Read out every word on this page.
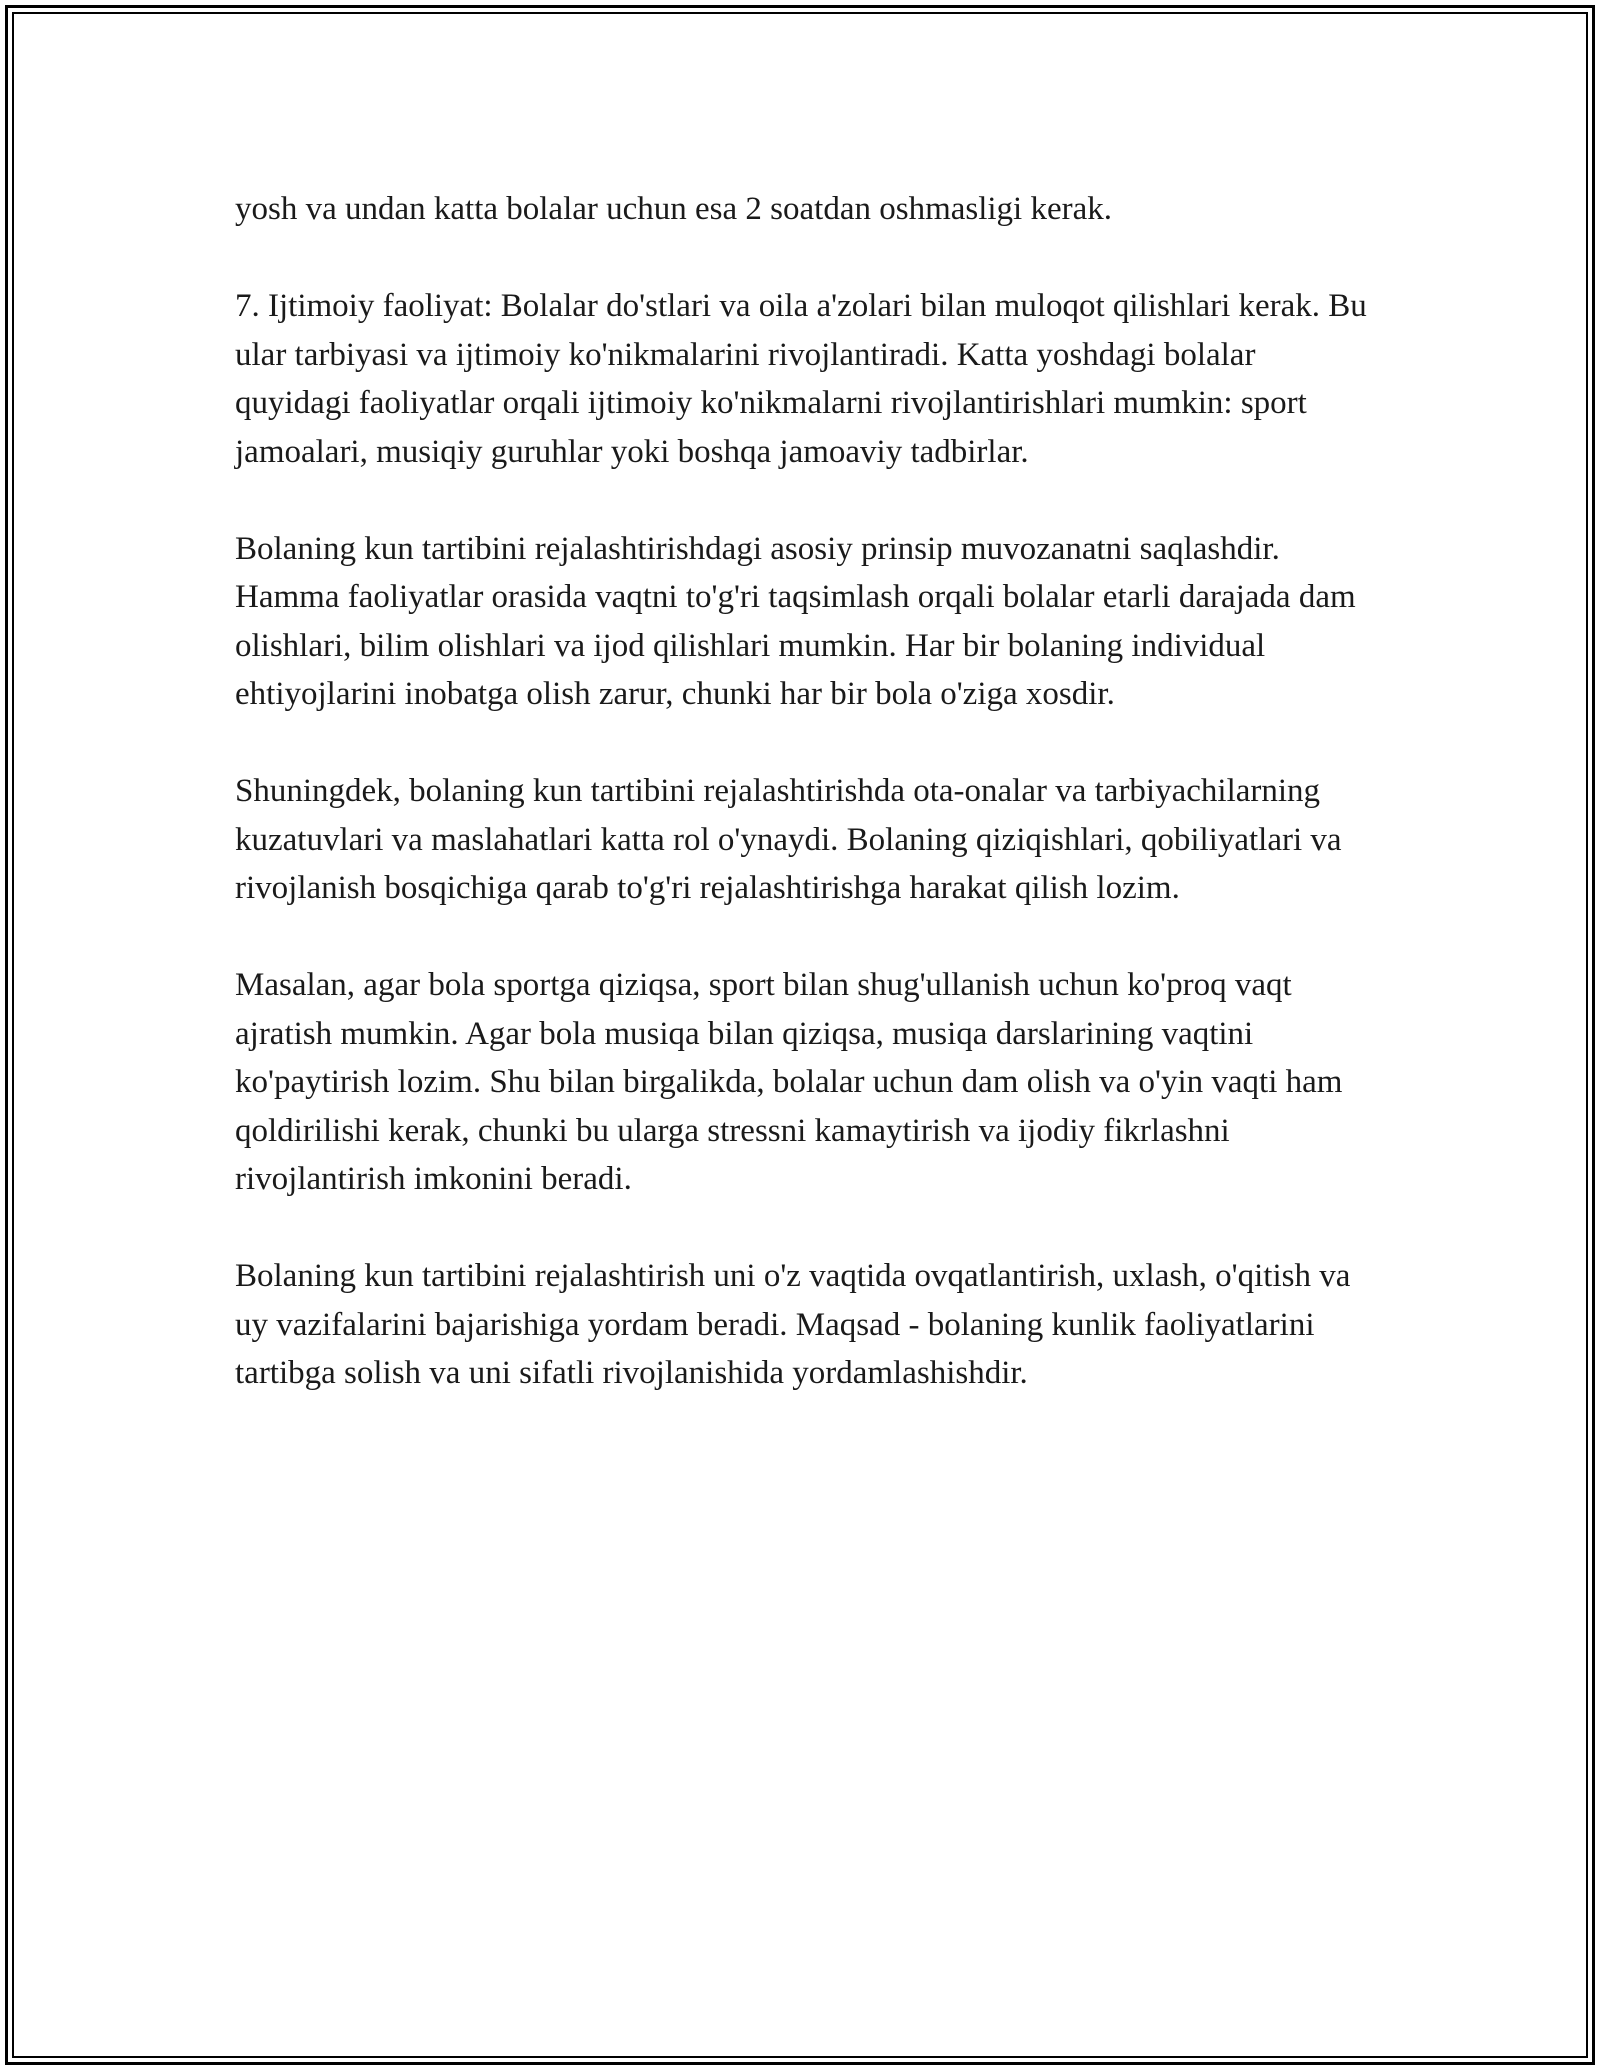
yosh va undan katta bolalar uchun esa 2 soatdan oshmasligi kerak.

7. Ijtimoiy faoliyat: Bolalar do'stlari va oila a'zolari bilan muloqot qilishlari kerak. Bu ular tarbiyasi va ijtimoiy ko'nikmalarini rivojlantiradi. Katta yoshdagi bolalar quyidagi faoliyatlar orqali ijtimoiy ko'nikmalarni rivojlantirishlari mumkin: sport jamoalari, musiqiy guruhlar yoki boshqa jamoaviy tadbirlar.

Bolaning kun tartibini rejalashtirishdagi asosiy prinsip muvozanatni saqlashdir. Hamma faoliyatlar orasida vaqtni to'g'ri taqsimlash orqali bolalar etarli darajada dam olishlari, bilim olishlari va ijod qilishlari mumkin. Har bir bolaning individual ehtiyojlarini inobatga olish zarur, chunki har bir bola o'ziga xosdir.

Shuningdek, bolaning kun tartibini rejalashtirishda ota-onalar va tarbiyachilarning kuzatuvlari va maslahatlari katta rol o'ynaydi. Bolaning qiziqishlari, qobiliyatlari va rivojlanish bosqichiga qarab to'g'ri rejalashtirishga harakat qilish lozim.

Masalan, agar bola sportga qiziqsa, sport bilan shug'ullanish uchun ko'proq vaqt ajratish mumkin. Agar bola musiqa bilan qiziqsa, musiqa darslarining vaqtini ko'paytirish lozim. Shu bilan birgalikda, bolalar uchun dam olish va o'yin vaqti ham qoldirilishi kerak, chunki bu ularga stressni kamaytirish va ijodiy fikrlashni rivojlantirish imkonini beradi.

Bolaning kun tartibini rejalashtirish uni o'z vaqtida ovqatlantirish, uxlash, o'qitish va uy vazifalarini bajarishiga yordam beradi. Maqsad - bolaning kunlik faoliyatlarini tartibga solish va uni sifatli rivojlanishida yordamlashishdir.
